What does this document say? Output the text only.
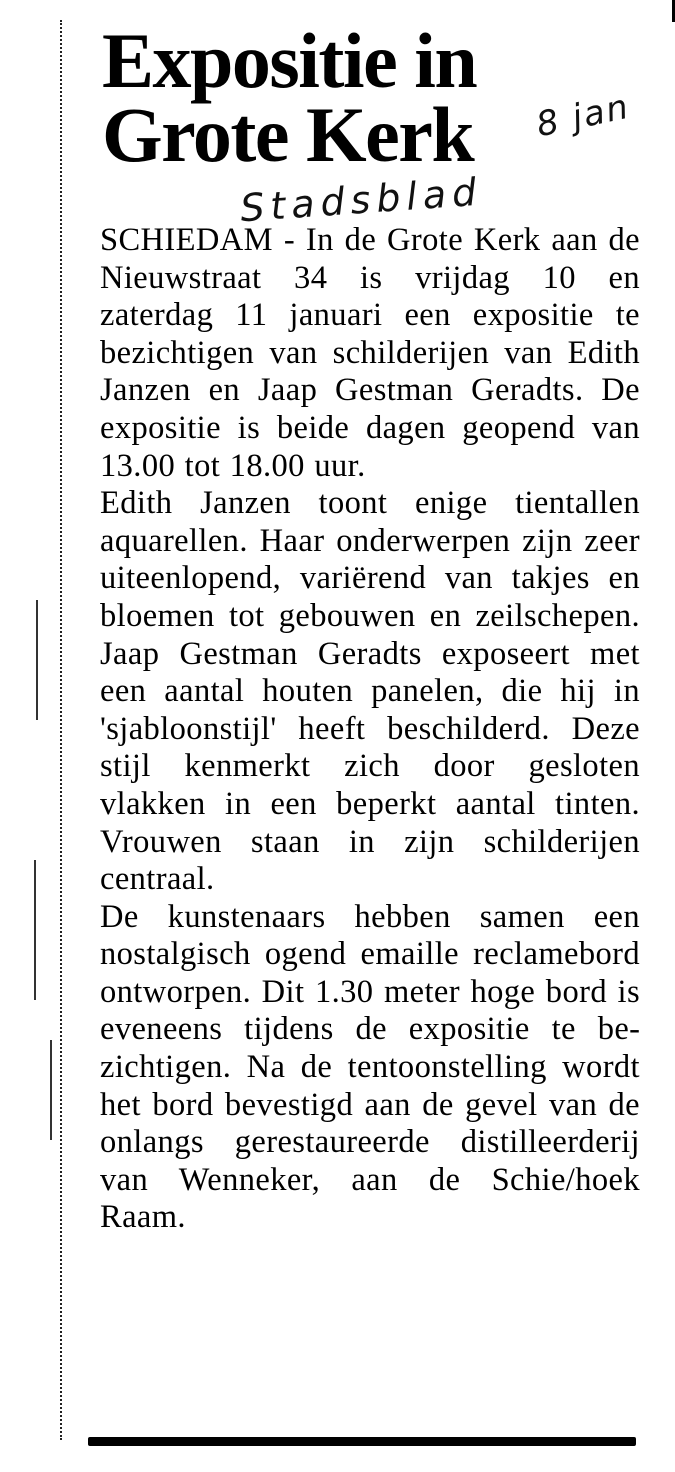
Expositie in
Grote Kerk 8 jan
Stadsblad

SCHIEDAM - In de Grote Kerk aan de Nieuwstraat 34 is vrijdag 10 en zaterdag 11 januari een expositie te bezichtigen van schilderijen van Edith Janzen en Jaap Gestman Geradts. De expositie is beide dagen geopend van 13.00 tot 18.00 uur.

Edith Janzen toont enige tientallen aquarellen. Haar onderwerpen zijn zeer uiteenlopend, variërend van takjes en bloemen tot gebouwen en zeilschepen. Jaap Gestman Geradts exposeert met een aantal houten panelen, die hij in 'sjabloonstijl' heeft beschilderd. Deze stijl kenmerkt zich door gesloten vlakken in een beperkt aantal tinten. Vrouwen staan in zijn schilderijen centraal.

De kunstenaars hebben samen een nostalgisch ogend emaille reclamebord ontworpen. Dit 1.30 meter hoge bord is eveneens tijdens de expositie te bezichtigen. Na de tentoonstelling wordt het bord bevestigd aan de gevel van de onlangs gerestaureerde distilleerderij van Wenneker, aan de Schie/hoek Raam.
